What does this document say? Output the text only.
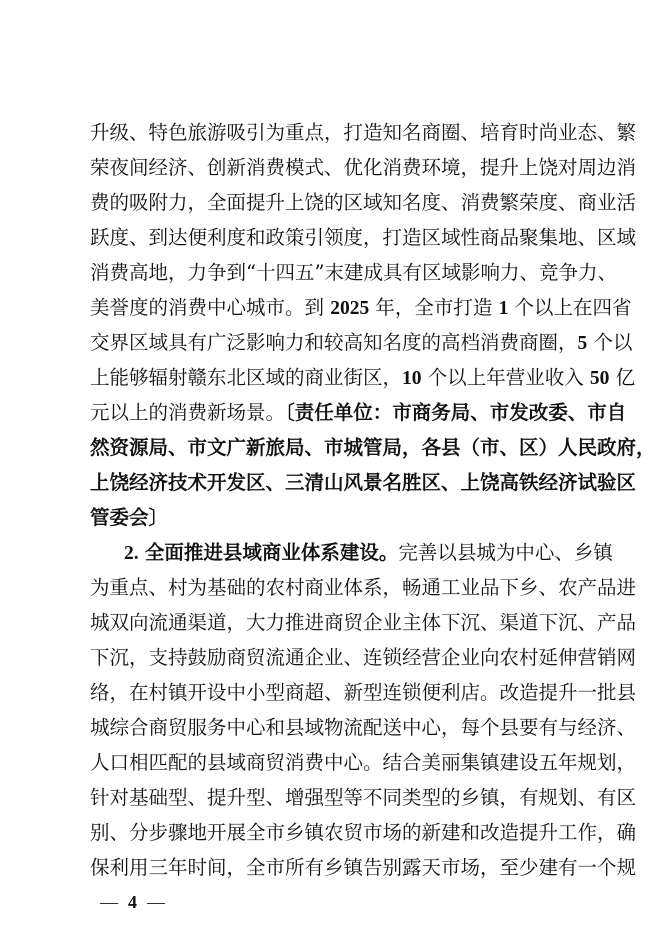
升级、特色旅游吸引为重点，打造知名商圈、培育时尚业态、繁
荣夜间经济、创新消费模式、优化消费环境，提升上饶对周边消
费的吸附力，全面提升上饶的区域知名度、消费繁荣度、商业活
跃度、到达便利度和政策引领度，打造区域性商品聚集地、区域
消费高地，力争到“十四五”末建成具有区域影响力、竞争力、
美誉度的消费中心城市。到 2025 年，全市打造 1 个以上在四省
交界区域具有广泛影响力和较高知名度的高档消费商圈，5 个以
上能够辐射赣东北区域的商业街区，10 个以上年营业收入 50 亿
元以上的消费新场景。〔责任单位：市商务局、市发改委、市自
然资源局、市文广新旅局、市城管局，各县（市、区）人民政府，
上饶经济技术开发区、三清山风景名胜区、上饶高铁经济试验区
管委会〕
2. 全面推进县域商业体系建设。完善以县城为中心、乡镇
为重点、村为基础的农村商业体系，畅通工业品下乡、农产品进
城双向流通渠道，大力推进商贸企业主体下沉、渠道下沉、产品
下沉，支持鼓励商贸流通企业、连锁经营企业向农村延伸营销网
络，在村镇开设中小型商超、新型连锁便利店。改造提升一批县
城综合商贸服务中心和县域物流配送中心，每个县要有与经济、
人口相匹配的县域商贸消费中心。结合美丽集镇建设五年规划，
针对基础型、提升型、增强型等不同类型的乡镇，有规划、有区
别、分步骤地开展全市乡镇农贸市场的新建和改造提升工作，确
保利用三年时间，全市所有乡镇告别露天市场，至少建有一个规
— 4 —
